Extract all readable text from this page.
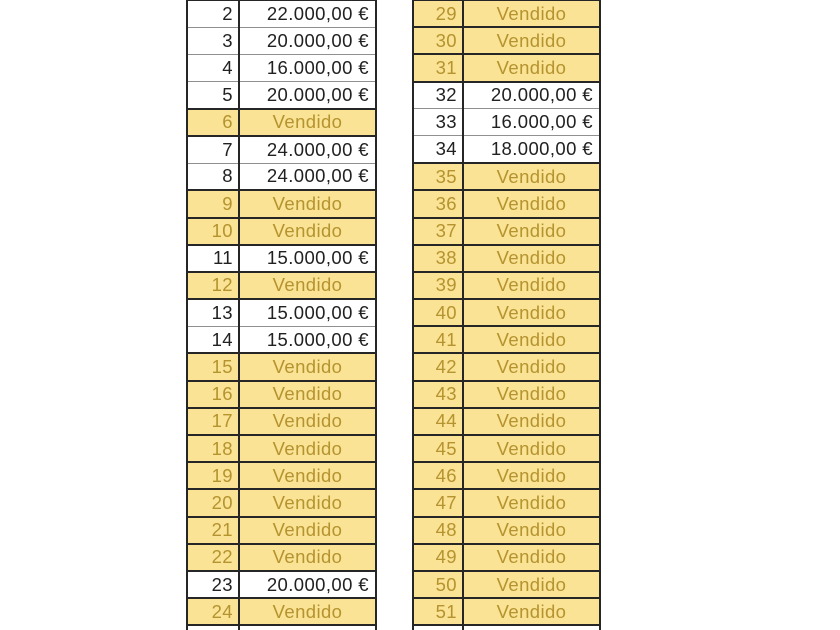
2	22.000,00 €
3	20.000,00 €
4	16.000,00 €
5	20.000,00 €
6	Vendido
7	24.000,00 €
8	24.000,00 €
9	Vendido
10	Vendido
11	15.000,00 €
12	Vendido
13	15.000,00 €
14	15.000,00 €
15	Vendido
16	Vendido
17	Vendido
18	Vendido
19	Vendido
20	Vendido
21	Vendido
22	Vendido
23	20.000,00 €
24	Vendido

29	Vendido
30	Vendido
31	Vendido
32	20.000,00 €
33	16.000,00 €
34	18.000,00 €
35	Vendido
36	Vendido
37	Vendido
38	Vendido
39	Vendido
40	Vendido
41	Vendido
42	Vendido
43	Vendido
44	Vendido
45	Vendido
46	Vendido
47	Vendido
48	Vendido
49	Vendido
50	Vendido
51	Vendido
